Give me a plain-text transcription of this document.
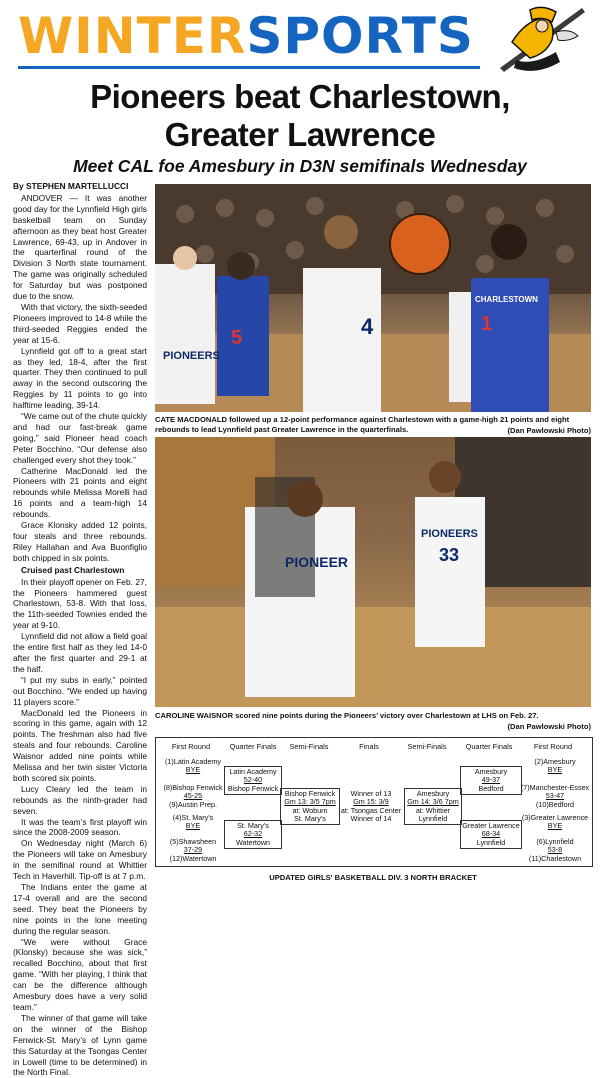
WINTERSPORTS
Pioneers beat Charlestown,
Greater Lawrence
Meet CAL foe Amesbury in D3N semifinals Wednesday

By STEPHEN MARTELLUCCI

ANDOVER — It was another good day for the Lynnfield High girls basketball team on Sunday afternoon as they beat host Greater Lawrence, 69-43, up in Andover in the quarterfinal round of the Division 3 North state tournament. The game was originally scheduled for Saturday but was postponed due to the snow.

With that victory, the sixth-seeded Pioneers improved to 14-8 while the third-seeded Reggies ended the year at 15-6.

Lynnfield got off to a great start as they led, 18-4, after the first quarter. They then continued to pull away in the second outscoring the Reggies by 11 points to go into halftime leading, 39-14.

“We came out of the chute quickly and had our fast-break game going,” said Pioneer head coach Peter Bocchino. “Our defense also challenged every shot they took.”

Catherine MacDonald led the Pioneers with 21 points and eight rebounds while Melissa Morelli had 16 points and a team-high 14 rebounds.

Grace Klonsky added 12 points, four steals and three rebounds. Riley Hallahan and Ava Buonfiglio both chipped in six points.

Cruised past Charlestown

In their playoff opener on Feb. 27, the Pioneers hammered guest Charlestown, 53-8. With that loss, the 11th-seeded Townies ended the year at 9-10.

Lynnfield did not allow a field goal the entire first half as they led 14-0 after the first quarter and 29-1 at the half.

“I put my subs in early,” pointed out Bocchino. “We ended up having 11 players score.”

MacDonald led the Pioneers in scoring in this game, again with 12 points. The freshman also had five steals and four rebounds. Caroline Waisnor added nine points while Melissa and her twin sister Victoria both scored six points.

Lucy Cleary led the team in rebounds as the ninth-grader had seven.

It was the team’s first playoff win since the 2008-2009 season.

On Wednesday night (March 6) the Pioneers will take on Amesbury in the semifinal round at Whittier Tech in Haverhill. Tip-off is at 7 p.m.

The Indians enter the game at 17-4 overall and are the second seed. They beat the Pioneers by nine points in the lone meeting during the regular season.

“We were without Grace (Klonsky) because she was sick,” recalled Bocchino, about that first game. “With her playing, I think that can be the difference although Amesbury does have a very solid team.”

The winner of that game will take on the winner of the Bishop Fenwick-St. Mary’s of Lynn game this Saturday at the Tsongas Center in Lowell (time to be determined) in the North Final.

PIONEERS
4
5
CHARLESTOWN
1
CATE MACDONALD followed up a 12-point performance against Charlestown with a game-high 21 points and eight rebounds to lead Lynnfield past Greater Lawrence in the quarterfinals.	(Dan Pawlowski Photo)
PIONEER
PIONEERS
33
CAROLINE WAISNOR scored nine points during the Pioneers’ victory over Charlestown at LHS on Feb. 27.
(Dan Pawlowski Photo)
First Round	Quarter Finals	Semi-Finals	Finals	Semi-Finals	Quarter Finals	First Round
(1)Latin Academy
BYE
(8)Bishop Fenwick
45-25
(9)Austin Prep.
(4)St. Mary's
BYE
(5)Shawsheen
37-29
(12)Watertown
Latin Academy
52-40
Bishop Fenwick
St. Mary's
62-32
Watertown
Bishop Fenwick
Gm 13: 3/5 7pm
at: Woburn
St. Mary's
Winner of 13
Gm 15: 3/9
at: Tsongas Center
Winner of 14
Amesbury
Gm 14: 3/6 7pm
at: Whittier
Lynnfield
Amesbury
49-37
Bedford
Greater Lawrence
68-34
Lynnfield
(2)Amesbury
BYE
(7)Manchester-Essex
53-47
(10)Bedford
(3)Greater Lawrence
BYE
(6)Lynnfield
53-8
(11)Charlestown
UPDATED GIRLS' BASKETBALL DIV. 3 NORTH BRACKET
